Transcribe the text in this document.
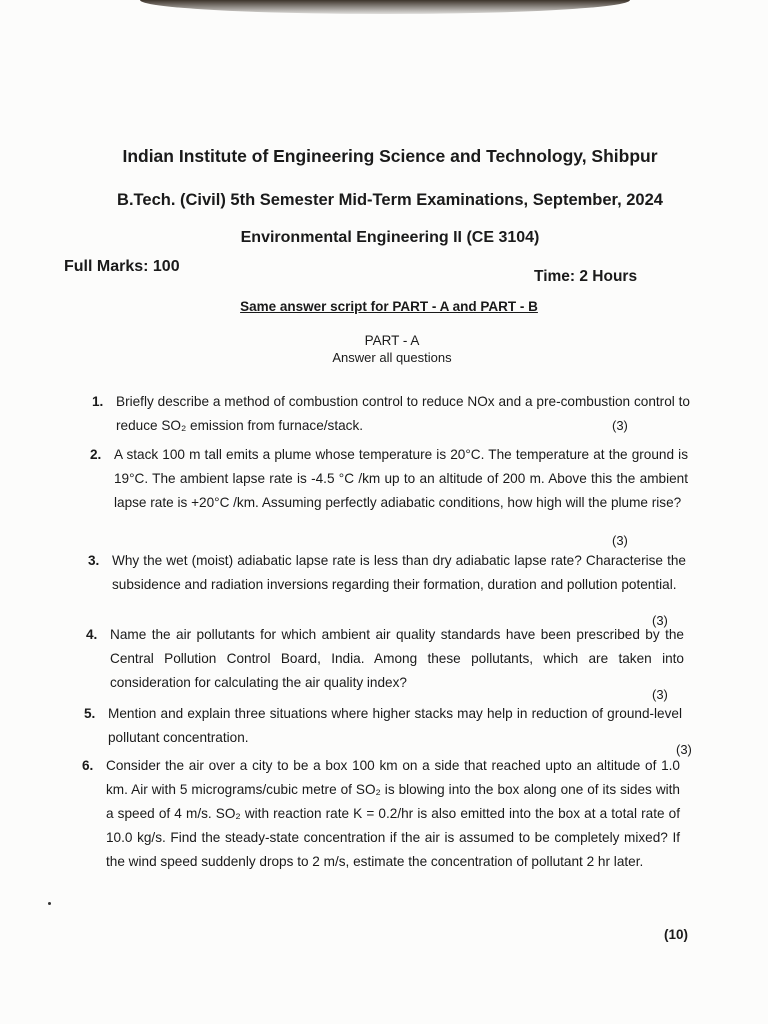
Indian Institute of Engineering Science and Technology, Shibpur
B.Tech. (Civil) 5th Semester Mid-Term Examinations, September, 2024
Environmental Engineering II (CE 3104)
Full Marks: 100
Time: 2 Hours
Same answer script for PART - A and PART - B
PART - A
Answer all questions
1. Briefly describe a method of combustion control to reduce NOx and a pre-combustion control to reduce SO₂ emission from furnace/stack.	(3)
2. A stack 100 m tall emits a plume whose temperature is 20°C. The temperature at the ground is 19°C. The ambient lapse rate is -4.5 °C /km up to an altitude of 200 m. Above this the ambient lapse rate is +20°C /km. Assuming perfectly adiabatic conditions, how high will the plume rise?
(3)
3. Why the wet (moist) adiabatic lapse rate is less than dry adiabatic lapse rate? Characterise the subsidence and radiation inversions regarding their formation, duration and pollution potential.
(3)
4. Name the air pollutants for which ambient air quality standards have been prescribed by the Central Pollution Control Board, India. Among these pollutants, which are taken into consideration for calculating the air quality index?
(3)
5. Mention and explain three situations where higher stacks may help in reduction of ground-level pollutant concentration.
(3)
6. Consider the air over a city to be a box 100 km on a side that reached upto an altitude of 1.0 km. Air with 5 micrograms/cubic metre of SO₂ is blowing into the box along one of its sides with a speed of 4 m/s. SO₂ with reaction rate K = 0.2/hr is also emitted into the box at a total rate of 10.0 kg/s. Find the steady-state concentration if the air is assumed to be completely mixed? If the wind speed suddenly drops to 2 m/s, estimate the concentration of pollutant 2 hr later.
(10)
